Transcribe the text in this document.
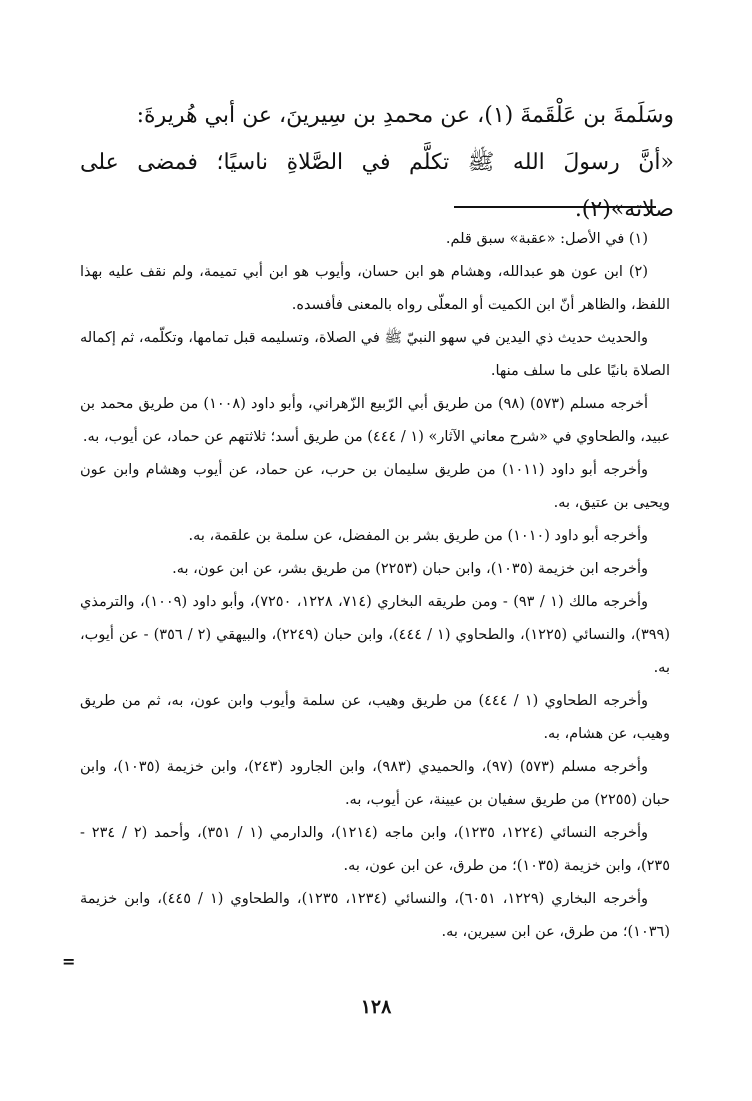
وسَلَمةَ بن عَلْقَمةَ (١)، عن محمدِ بن سِيرينَ، عن أبي هُريرةَ:

«أنَّ رسولَ الله ﷺ تكلَّم في الصَّلاةِ ناسيًا؛ فمضى على صلاته»(٢).

(١) في الأصل: «عقبة» سبق قلم.

(٢) ابن عون هو عبدالله، وهشام هو ابن حسان، وأيوب هو ابن أبي تميمة، ولم نقف عليه بهذا اللفظ، والظاهر أنّ ابن الكميت أو المعلّى رواه بالمعنى فأفسده.

والحديث حديث ذي اليدين في سهو النبيّ ﷺ في الصلاة، وتسليمه قبل تمامها، وتكلّمه، ثم إكماله الصلاة بانيًا على ما سلف منها.

أخرجه مسلم (٥٧٣) (٩٨) من طريق أبي الرّبيع الزّهراني، وأبو داود (١٠٠٨) من طريق محمد بن عبيد، والطحاوي في «شرح معاني الآثار» (١ / ٤٤٤) من طريق أسد؛ ثلاثتهم عن حماد، عن أيوب، به.

وأخرجه أبو داود (١٠١١) من طريق سليمان بن حرب، عن حماد، عن أيوب وهشام وابن عون ويحيى بن عتيق، به.

وأخرجه أبو داود (١٠١٠) من طريق بشر بن المفضل، عن سلمة بن علقمة، به.

وأخرجه ابن خزيمة (١٠٣٥)، وابن حبان (٢٢٥٣) من طريق بشر، عن ابن عون، به.

وأخرجه مالك (١ / ٩٣) - ومن طريقه البخاري (٧١٤، ١٢٢٨، ٧٢٥٠)، وأبو داود (١٠٠٩)، والترمذي (٣٩٩)، والنسائي (١٢٢٥)، والطحاوي (١ / ٤٤٤)، وابن حبان (٢٢٤٩)، والبيهقي (٢ / ٣٥٦) - عن أيوب، به.

وأخرجه الطحاوي (١ / ٤٤٤) من طريق وهيب، عن سلمة وأيوب وابن عون، به، ثم من طريق وهيب، عن هشام، به.

وأخرجه مسلم (٥٧٣) (٩٧)، والحميدي (٩٨٣)، وابن الجارود (٢٤٣)، وابن خزيمة (١٠٣٥)، وابن حبان (٢٢٥٥) من طريق سفيان بن عيينة، عن أيوب، به.

وأخرجه النسائي (١٢٢٤، ١٢٣٥)، وابن ماجه (١٢١٤)، والدارمي (١ / ٣٥١)، وأحمد (٢ / ٢٣٤ - ٢٣٥)، وابن خزيمة (١٠٣٥)؛ من طرق، عن ابن عون، به.

وأخرجه البخاري (١٢٢٩، ٦٠٥١)، والنسائي (١٢٣٤، ١٢٣٥)، والطحاوي (١ / ٤٤٥)، وابن خزيمة (١٠٣٦)؛ من طرق، عن ابن سيرين، به.

=
١٢٨
